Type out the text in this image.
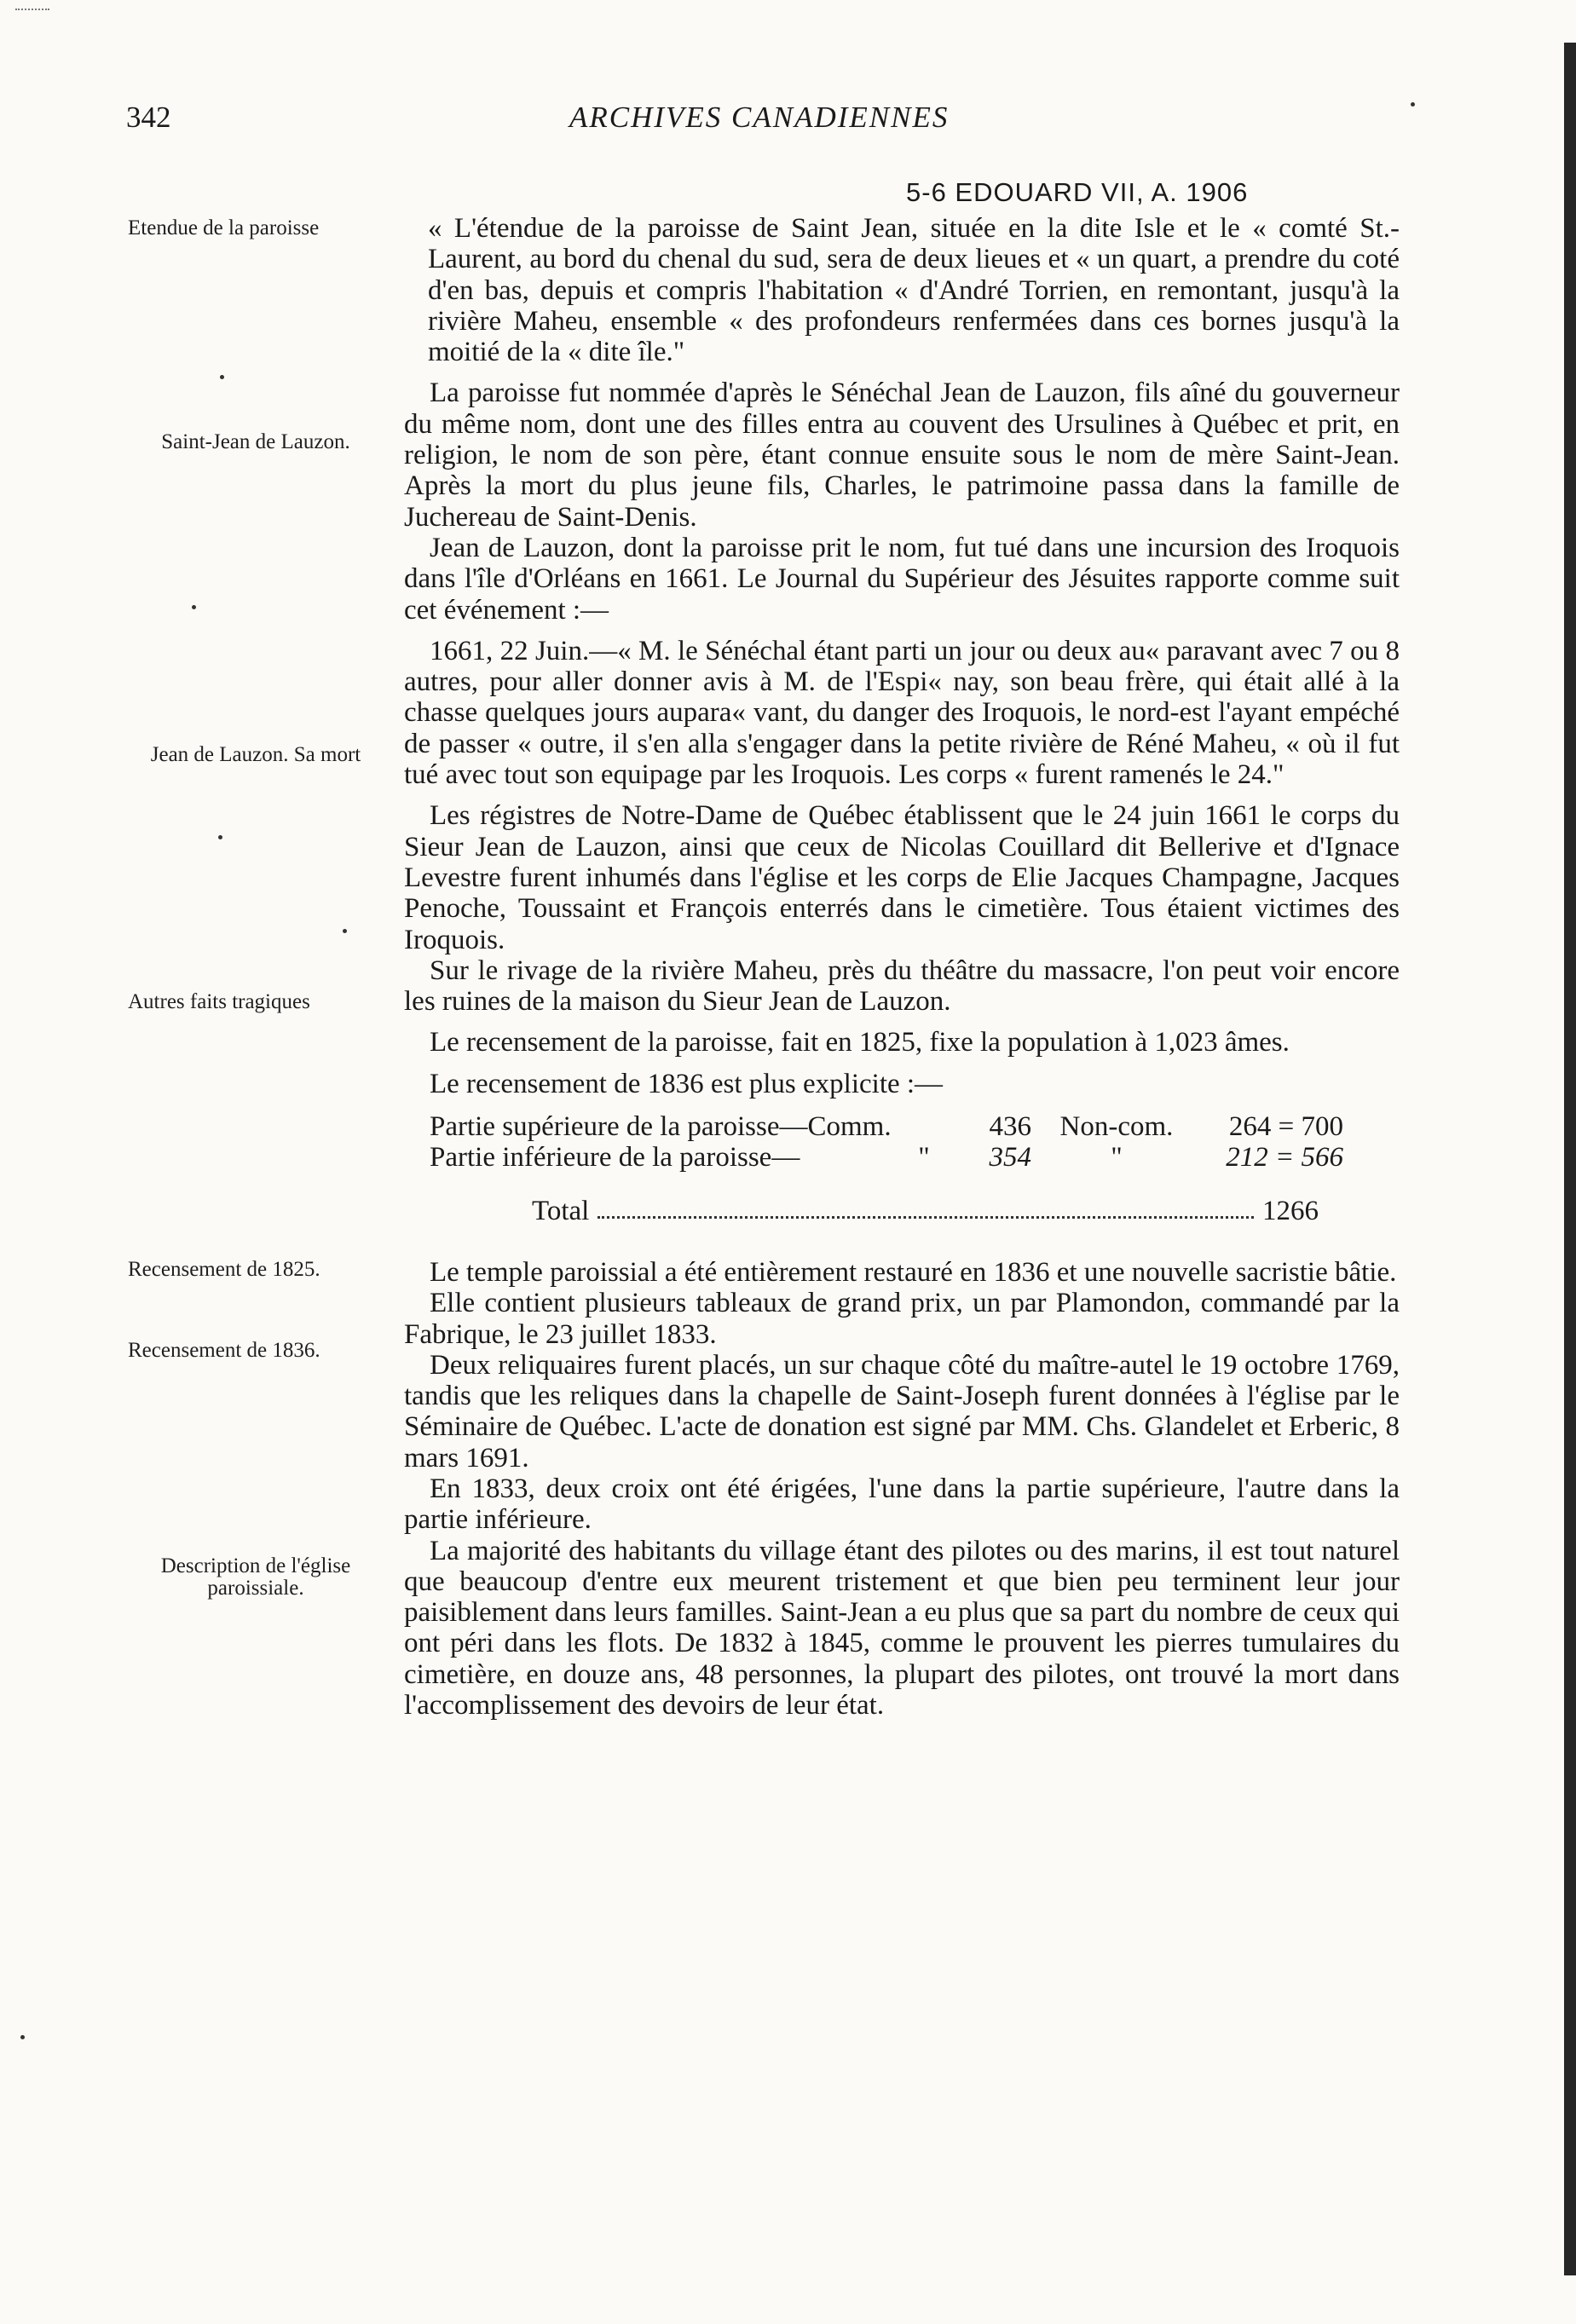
342	ARCHIVES CANADIENNES
5-6 EDOUARD VII, A. 1906
Etendue de la paroisse
Saint-Jean de Lauzon.
Jean de Lauzon. Sa mort
Autres faits tragiques
Recensement de 1825.
Recensement de 1836.
Description de l'église paroissiale.

« L'étendue de la paroisse de Saint Jean, située en la dite Isle et le « comté St.-Laurent, au bord du chenal du sud, sera de deux lieues et « un quart, a prendre du coté d'en bas, depuis et compris l'habitation « d'André Torrien, en remontant, jusqu'à la rivière Maheu, ensemble « des profondeurs renfermées dans ces bornes jusqu'à la moitié de la « dite île."

La paroisse fut nommée d'après le Sénéchal Jean de Lauzon, fils aîné du gouverneur du même nom, dont une des filles entra au couvent des Ursulines à Québec et prit, en religion, le nom de son père, étant connue ensuite sous le nom de mère Saint-Jean. Après la mort du plus jeune fils, Charles, le patrimoine passa dans la famille de Juchereau de Saint-Denis.

Jean de Lauzon, dont la paroisse prit le nom, fut tué dans une incursion des Iroquois dans l'île d'Orléans en 1661. Le Journal du Supérieur des Jésuites rapporte comme suit cet événement :—

1661, 22 Juin.—« M. le Sénéchal étant parti un jour ou deux au« paravant avec 7 ou 8 autres, pour aller donner avis à M. de l'Espi« nay, son beau frère, qui était allé à la chasse quelques jours aupara« vant, du danger des Iroquois, le nord-est l'ayant empéché de passer « outre, il s'en alla s'engager dans la petite rivière de Réné Maheu, « où il fut tué avec tout son equipage par les Iroquois. Les corps « furent ramenés le 24."

Les régistres de Notre-Dame de Québec établissent que le 24 juin 1661 le corps du Sieur Jean de Lauzon, ainsi que ceux de Nicolas Couillard dit Bellerive et d'Ignace Levestre furent inhumés dans l'église et les corps de Elie Jacques Champagne, Jacques Penoche, Toussaint et François enterrés dans le cimetière. Tous étaient victimes des Iroquois.

Sur le rivage de la rivière Maheu, près du théâtre du massacre, l'on peut voir encore les ruines de la maison du Sieur Jean de Lauzon.

Le recensement de la paroisse, fait en 1825, fixe la population à 1,023 âmes.

Le recensement de 1836 est plus explicite :—

Partie supérieure de la paroisse—Comm.	436	Non-com.	264 = 700
Partie inférieure de la paroisse—	"	354	"	212 = 566
Total	1266

Le temple paroissial a été entièrement restauré en 1836 et une nouvelle sacristie bâtie.

Elle contient plusieurs tableaux de grand prix, un par Plamondon, commandé par la Fabrique, le 23 juillet 1833.

Deux reliquaires furent placés, un sur chaque côté du maître-autel le 19 octobre 1769, tandis que les reliques dans la chapelle de Saint-Joseph furent données à l'église par le Séminaire de Québec. L'acte de donation est signé par MM. Chs. Glandelet et Erberic, 8 mars 1691.

En 1833, deux croix ont été érigées, l'une dans la partie supérieure, l'autre dans la partie inférieure.

La majorité des habitants du village étant des pilotes ou des marins, il est tout naturel que beaucoup d'entre eux meurent tristement et que bien peu terminent leur jour paisiblement dans leurs familles. Saint-Jean a eu plus que sa part du nombre de ceux qui ont péri dans les flots. De 1832 à 1845, comme le prouvent les pierres tumulaires du cimetière, en douze ans, 48 personnes, la plupart des pilotes, ont trouvé la mort dans l'accomplissement des devoirs de leur état.
